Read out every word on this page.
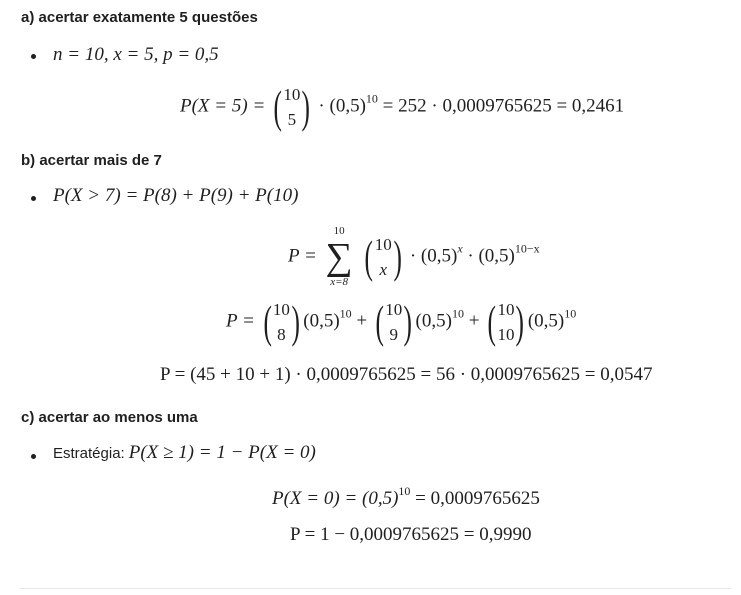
a) acertar exatamente 5 questões
n = 10, x = 5, p = 0,5
P(X = 5) = ( 10
5 ) · $(0,5)^{10} = 252 \cdot 0,0009765625 = 0,2461$
b) acertar mais de 7
P(X > 7) = P(8) + P(9) + P(10)
P =
10
∑
x=8
( 10
x ) · $(0,5)^x \cdot (0,5)^{10-x}$
P = ( 10
8 ) $(0,5)^{10}$ + ( 10
9 ) $(0,5)^{10}$ + ( 10
10 ) $(0,5)^{10}$
P = (45 + 10 + 1) · 0,0009765625 = 56 · 0,0009765625 = 0,0547
c) acertar ao menos uma
Estratégia: P(X ≥ 1) = 1 − P(X = 0)
$P(X = 0) = (0,5)^{10} = 0,0009765625$
P = 1 − 0,0009765625 = 0,9990
